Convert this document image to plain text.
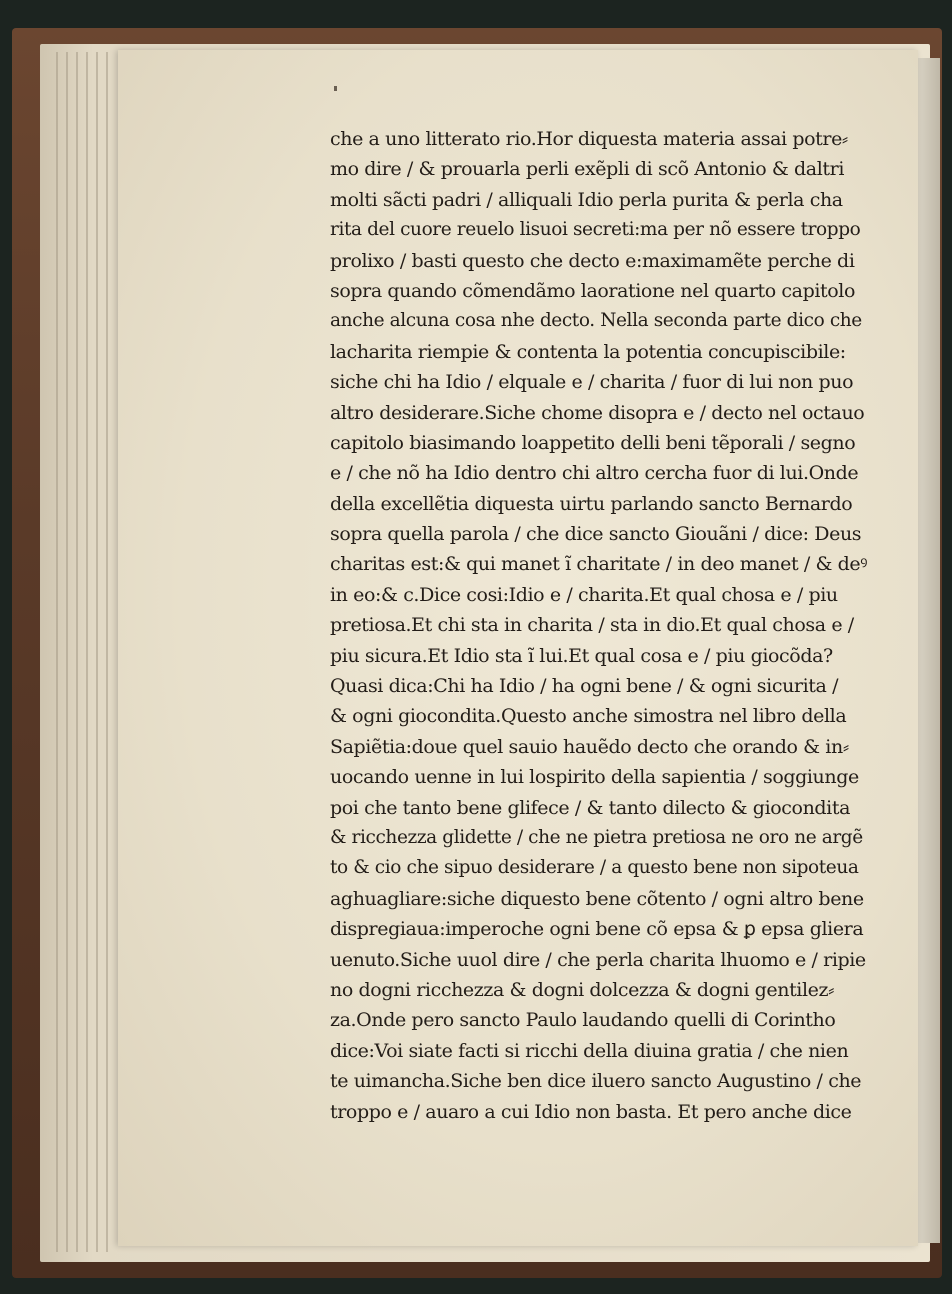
che a uno litterato rio.Hor diquesta materia assai potre⸗
mo dire / & prouarla perli exẽpli di scõ Antonio & daltri
molti sãcti padri / alliquali Idio perla purita & perla cha
rita del cuore reuelo lisuoi secreti:ma per nõ essere troppo
prolixo / basti questo che decto e:maximamẽte perche di
sopra quando cõmendãmo laoratione nel quarto capitolo
anche alcuna cosa nhe decto. Nella seconda parte dico che
lacharita riempie & contenta la potentia concupiscibile:
siche chi ha Idio / elquale e / charita / fuor di lui non puo
altro desiderare.Siche chome disopra e / decto nel octauo
capitolo biasimando loappetito delli beni tẽporali / segno
e / che nõ ha Idio dentro chi altro cercha fuor di lui.Onde
della excellẽtia diquesta uirtu parlando sancto Bernardo
sopra quella parola / che dice sancto Giouãni / dice: Deus
charitas est:& qui manet ĩ charitate / in deo manet / & deꝰ
in eo:& c.Dice cosi:Idio e / charita.Et qual chosa e / piu
pretiosa.Et chi sta in charita / sta in dio.Et qual chosa e /
piu sicura.Et Idio sta ĩ lui.Et qual cosa e / piu giocõda?
Quasi dica:Chi ha Idio / ha ogni bene / & ogni sicurita /
& ogni giocondita.Questo anche simostra nel libro della
Sapiẽtia:doue quel sauio hauẽdo decto che orando & in⸗
uocando uenne in lui lospirito della sapientia / soggiunge
poi che tanto bene glifece / & tanto dilecto & giocondita
& ricchezza glidette / che ne pietra pretiosa ne oro ne argẽ
to & cio che sipuo desiderare / a questo bene non sipoteua
aghuagliare:siche diquesto bene cõtento / ogni altro bene
dispregiaua:imperoche ogni bene cõ epsa & ꝑ epsa gliera
uenuto.Siche uuol dire / che perla charita lhuomo e / ripie
no dogni ricchezza & dogni dolcezza & dogni gentilez⸗
za.Onde pero sancto Paulo laudando quelli di Corintho
dice:Voi siate facti si ricchi della diuina gratia / che nien
te uimancha.Siche ben dice iluero sancto Augustino / che
troppo e / auaro a cui Idio non basta. Et pero anche dice
